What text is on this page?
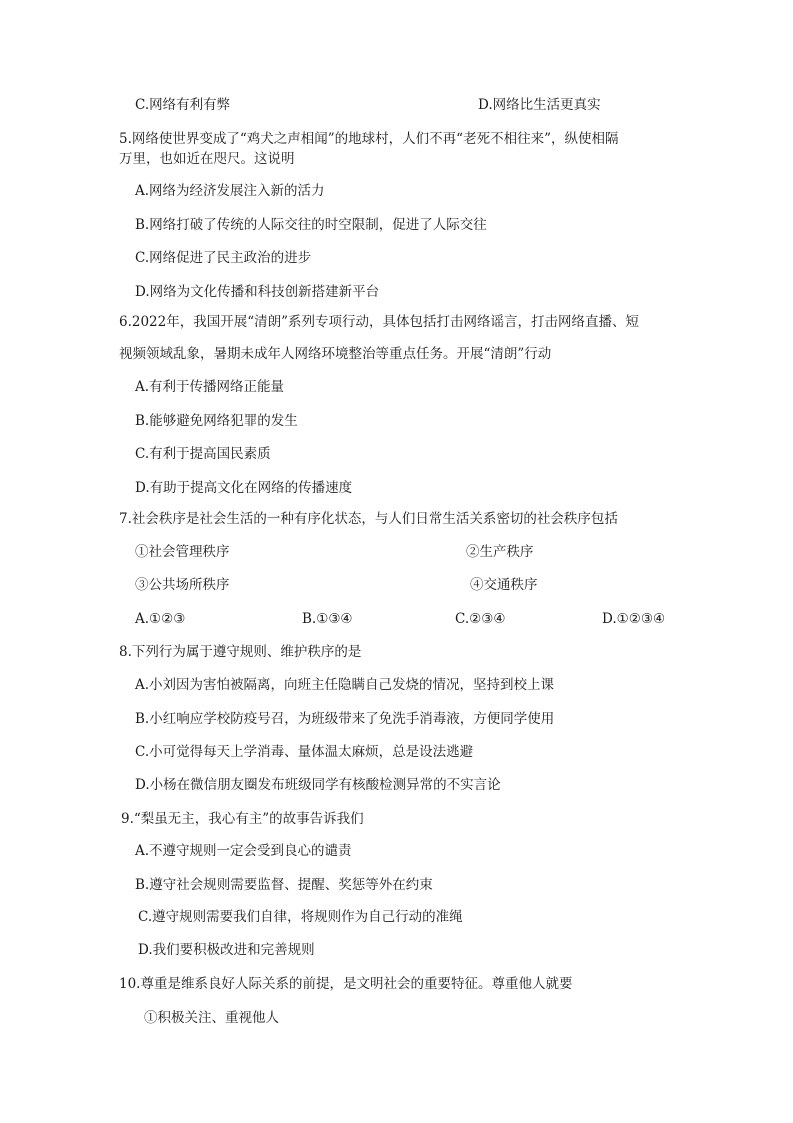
C.网络有利有弊	D.网络比生活更真实
5.网络使世界变成了“鸡犬之声相闻”的地球村，人们不再“老死不相往来”，纵使相隔
万里，也如近在咫尺。这说明
A.网络为经济发展注入新的活力
B.网络打破了传统的人际交往的时空限制，促进了人际交往
C.网络促进了民主政治的进步
D.网络为文化传播和科技创新搭建新平台
6.2022年，我国开展“清朗”系列专项行动，具体包括打击网络谣言，打击网络直播、短
视频领域乱象，暑期未成年人网络环境整治等重点任务。开展“清朗”行动
A.有利于传播网络正能量
B.能够避免网络犯罪的发生
C.有利于提高国民素质
D.有助于提高文化在网络的传播速度
7.社会秩序是社会生活的一种有序化状态，与人们日常生活关系密切的社会秩序包括
①社会管理秩序	②生产秩序
③公共场所秩序	④交通秩序
A.①②③	B.①③④	C.②③④	D.①②③④
8.下列行为属于遵守规则、维护秩序的是
A.小刘因为害怕被隔离，向班主任隐瞒自己发烧的情况，坚持到校上课
B.小红响应学校防疫号召，为班级带来了免洗手消毒液，方便同学使用
C.小可觉得每天上学消毒、量体温太麻烦，总是设法逃避
D.小杨在微信朋友圈发布班级同学有核酸检测异常的不实言论
9.“梨虽无主，我心有主”的故事告诉我们
A.不遵守规则一定会受到良心的谴责
B.遵守社会规则需要监督、提醒、奖惩等外在约束
C.遵守规则需要我们自律，将规则作为自己行动的准绳
D.我们要积极改进和完善规则
10.尊重是维系良好人际关系的前提，是文明社会的重要特征。尊重他人就要
①积极关注、重视他人
